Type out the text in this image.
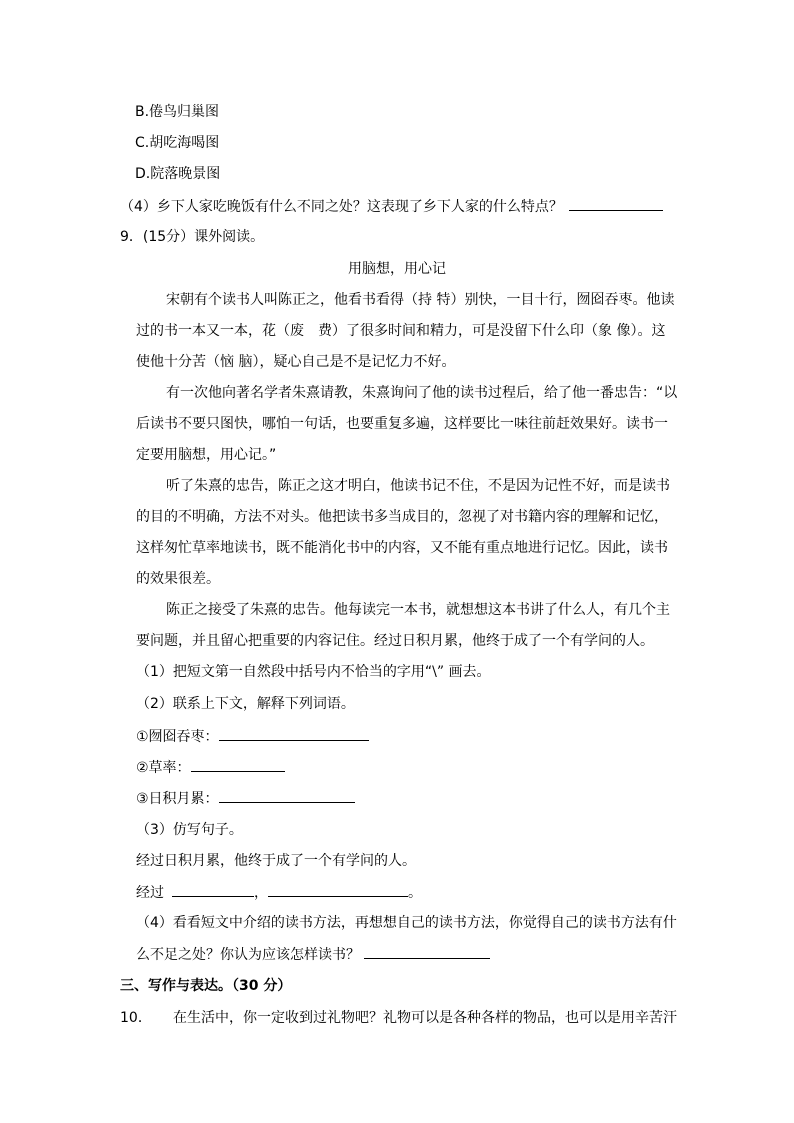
B.倦鸟归巢图
C.胡吃海喝图
D.院落晚景图
（4）乡下人家吃晚饭有什么不同之处？这表现了乡下人家的什么特点？
9．(15分）课外阅读。
用脑想，用心记
宋朝有个读书人叫陈正之，他看书看得（持 特）别快，一目十行，囫囵吞枣。他读
过的书一本又一本，花（废　费）了很多时间和精力，可是没留下什么印（象 像）。这
使他十分苦（恼 脑），疑心自己是不是记忆力不好。
有一次他向著名学者朱熹请教，朱熹询问了他的读书过程后，给了他一番忠告：“以
后读书不要只图快，哪怕一句话，也要重复多遍，这样要比一味往前赶效果好。读书一
定要用脑想，用心记。”
听了朱熹的忠告，陈正之这才明白，他读书记不住，不是因为记性不好，而是读书
的目的不明确，方法不对头。他把读书多当成目的，忽视了对书籍内容的理解和记忆，
这样匆忙草率地读书，既不能消化书中的内容，又不能有重点地进行记忆。因此，读书
的效果很差。
陈正之接受了朱熹的忠告。他每读完一本书，就想想这本书讲了什么人，有几个主
要问题，并且留心把重要的内容记住。经过日积月累，他终于成了一个有学问的人。
（1）把短文第一自然段中括号内不恰当的字用“\” 画去。
（2）联系上下文，解释下列词语。
①囫囵吞枣：
②草率：
③日积月累：
（3）仿写句子。
经过日积月累，他终于成了一个有学问的人。
经过	，	。
（4）看看短文中介绍的读书方法，再想想自己的读书方法，你觉得自己的读书方法有什
么不足之处？你认为应该怎样读书？
三、写作与表达。（30 分）
10． 在生活中，你一定收到过礼物吧？礼物可以是各种各样的物品，也可以是用辛苦汗
